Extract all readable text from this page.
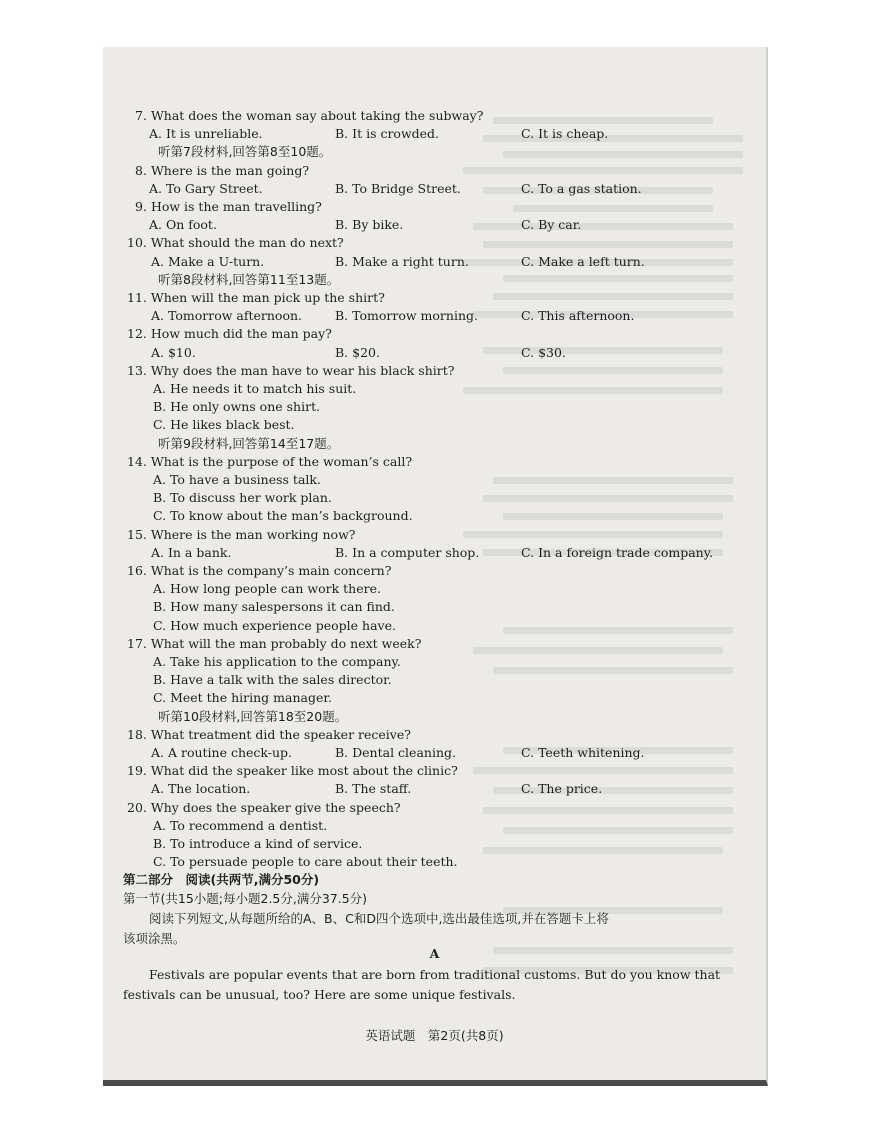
7. What does the woman say about taking the subway?
A. It is unreliable.	B. It is crowded.	C. It is cheap.
听第7段材料,回答第8至10题。
8. Where is the man going?
A. To Gary Street.	B. To Bridge Street.	C. To a gas station.
9. How is the man travelling?
A. On foot.	B. By bike.	C. By car.
10. What should the man do next?
A. Make a U-turn.	B. Make a right turn.	C. Make a left turn.
听第8段材料,回答第11至13题。
11. When will the man pick up the shirt?
A. Tomorrow afternoon.	B. Tomorrow morning.	C. This afternoon.
12. How much did the man pay?
A. $10.	B. $20.	C. $30.
13. Why does the man have to wear his black shirt?
A. He needs it to match his suit.
B. He only owns one shirt.
C. He likes black best.
听第9段材料,回答第14至17题。
14. What is the purpose of the woman’s call?
A. To have a business talk.
B. To discuss her work plan.
C. To know about the man’s background.
15. Where is the man working now?
A. In a bank.	B. In a computer shop.	C. In a foreign trade company.
16. What is the company’s main concern?
A. How long people can work there.
B. How many salespersons it can find.
C. How much experience people have.
17. What will the man probably do next week?
A. Take his application to the company.
B. Have a talk with the sales director.
C. Meet the hiring manager.
听第10段材料,回答第18至20题。
18. What treatment did the speaker receive?
A. A routine check-up.	B. Dental cleaning.	C. Teeth whitening.
19. What did the speaker like most about the clinic?
A. The location.	B. The staff.	C. The price.
20. Why does the speaker give the speech?
A. To recommend a dentist.
B. To introduce a kind of service.
C. To persuade people to care about their teeth.
第二部分　阅读(共两节,满分50分)
第一节(共15小题;每小题2.5分,满分37.5分)
阅读下列短文,从每题所给的A、B、C和D四个选项中,选出最佳选项,并在答题卡上将
该项涂黑。
A
Festivals are popular events that are born from traditional customs. But do you know that
festivals can be unusual, too? Here are some unique festivals.
英语试题　第2页(共8页)
